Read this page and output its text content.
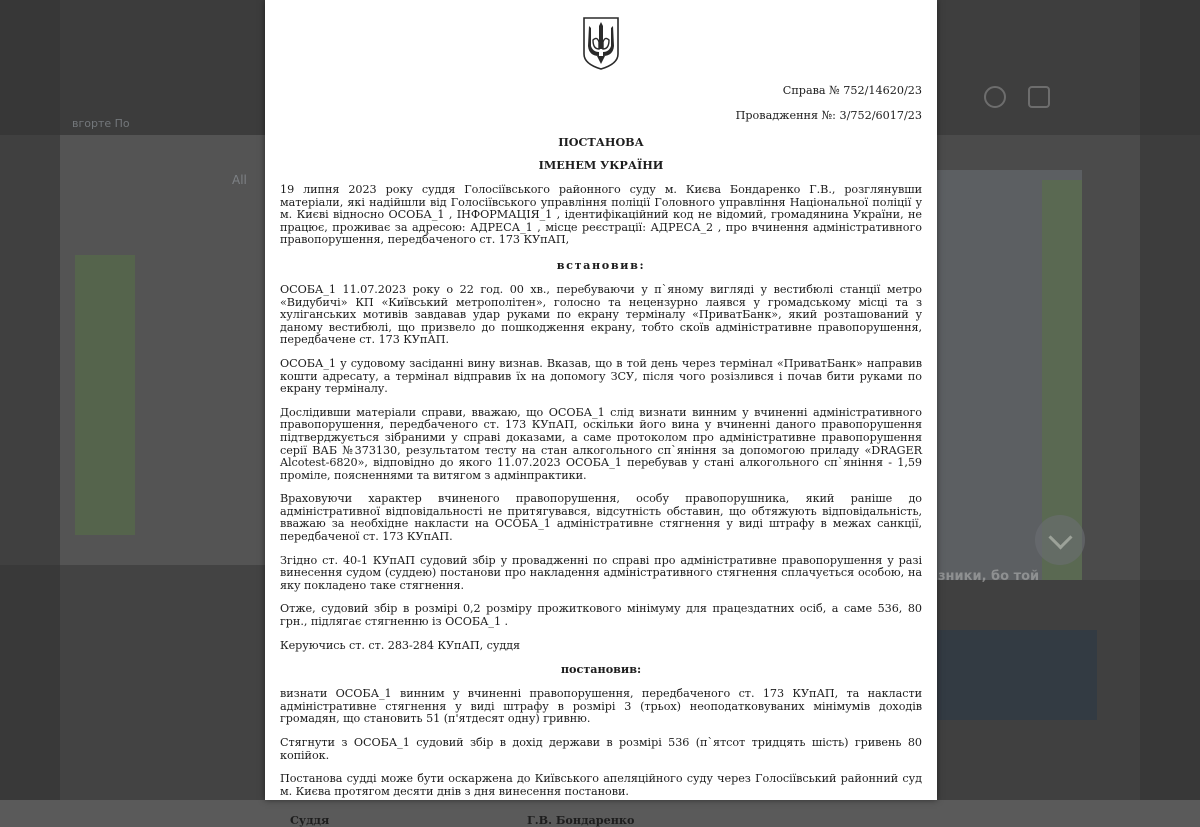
вгорте По
All
зники, бо той
Справа № 752/14620/23
Провадження №: 3/752/6017/23
ПОСТАНОВА
ІМЕНЕМ УКРАЇНИ

19 липня 2023 року суддя Голосіївського районного суду м. Києва Бондаренко Г.В., розглянувши матеріали, які надійшли від Голосіївського управління поліції Головного управління Національної поліції у м. Києві відносно ОСОБА_1 , ІНФОРМАЦІЯ_1 , ідентифікаційний код не відомий, громадянина України, не працює, проживає за адресою: АДРЕСА_1 , місце реєстрації: АДРЕСА_2 , про вчинення адміністративного правопорушення, передбаченого ст. 173 КУпАП,

встановив:

ОСОБА_1 11.07.2023 року о 22 год. 00 хв., перебуваючи у п`яному вигляді у вестибюлі станції метро «Видубичі» КП «Київський метрополітен», голосно та нецензурно лаявся у громадському місці та з хуліганських мотивів завдавав удар руками по екрану терміналу «ПриватБанк», який розташований у даному вестибюлі, що призвело до пошкодження екрану, тобто скоїв адміністративне правопорушення, передбачене ст. 173 КУпАП.

ОСОБА_1 у судовому засіданні вину визнав. Вказав, що в той день через термінал «ПриватБанк» направив кошти адресату, а термінал відправив їх на допомогу ЗСУ, після чого розізлився і почав бити руками по екрану терміналу.

Дослідивши матеріали справи, вважаю, що ОСОБА_1 слід визнати винним у вчиненні адміністративного правопорушення, передбаченого ст. 173 КУпАП, оскільки його вина у вчиненні даного правопорушення підтверджується зібраними у справі доказами, а саме протоколом про адміністративне правопорушення серії ВАБ №373130, результатом тесту на стан алкогольного сп`яніння за допомогою приладу «DRAGER Alcotest-6820», відповідно до якого 11.07.2023 ОСОБА_1 перебував у стані алкогольного сп`яніння - 1,59 проміле, поясненнями та витягом з адмінпрактики.

Враховуючи характер вчиненого правопорушення, особу правопорушника, який раніше до адміністративної відповідальності не притягувався, відсутність обставин, що обтяжують відповідальність, вважаю за необхідне накласти на ОСОБА_1 адміністративне стягнення у виді штрафу в межах санкції, передбаченої ст. 173 КУпАП.

Згідно ст. 40-1 КУпАП судовий збір у провадженні по справі про адміністративне правопорушення у разі винесення судом (суддею) постанови про накладення адміністративного стягнення сплачується особою, на яку покладено таке стягнення.

Отже, судовий збір в розмірі 0,2 розміру прожиткового мінімуму для працездатних осіб, а саме 536, 80 грн., підлягає стягненню із ОСОБА_1 .

Керуючись ст. ст. 283-284 КУпАП, суддя

постановив:

визнати ОСОБА_1 винним у вчиненні правопорушення, передбаченого ст. 173 КУпАП, та накласти адміністративне стягнення у виді штрафу в розмірі 3 (трьох) неоподатковуваних мінімумів доходів громадян, що становить 51 (п'ятдесят одну) гривню.

Стягнути з ОСОБА_1 судовий збір в дохід держави в розмірі 536 (п`ятсот тридцять шість) гривень 80 копійок.

Постанова судді може бути оскаржена до Київського апеляційного суду через Голосіївський районний суд м. Києва протягом десяти днів з дня винесення постанови.

Суддя	Г.В. Бондаренко
